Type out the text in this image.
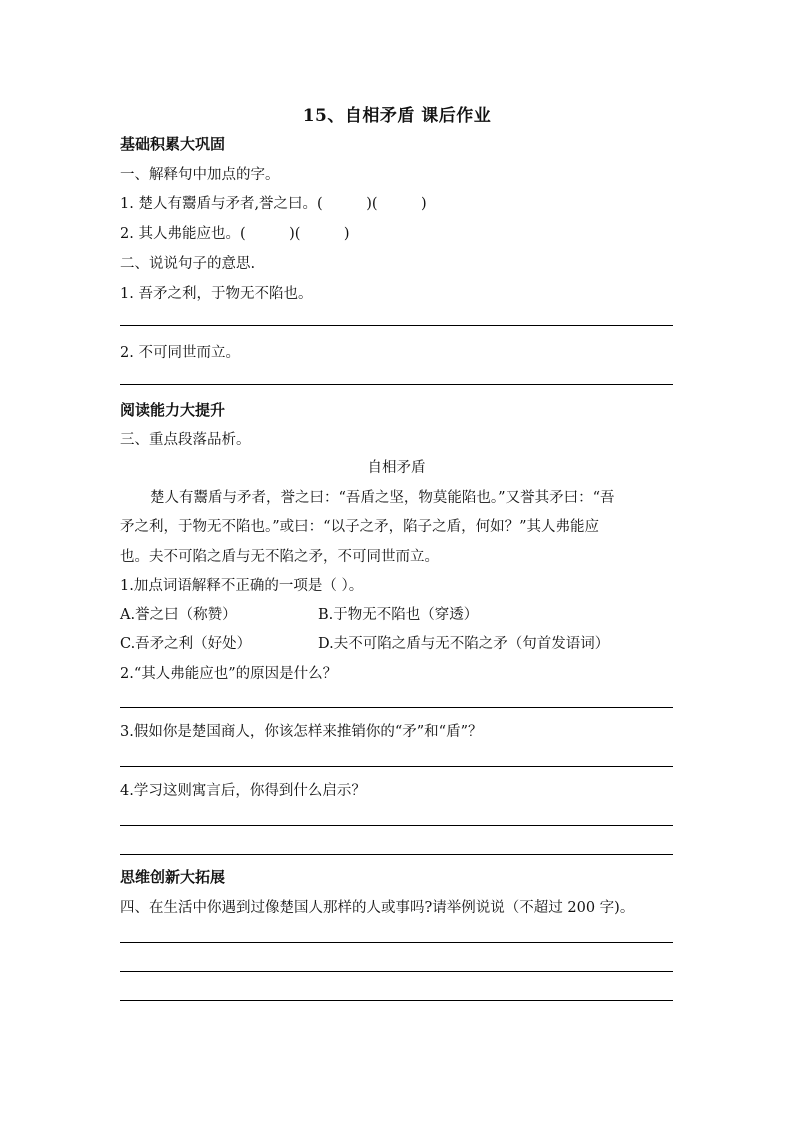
15、自相矛盾 课后作业
基础积累大巩固
一、解释句中加点的字。
1. 楚人有鬻盾与矛者,誉之曰。(　　　)(　　　)
2. 其人弗能应也。(　　　)(　　　)
二、说说句子的意思.
1. 吾矛之利，于物无不陷也。
2. 不可同世而立。
阅读能力大提升
三、重点段落品析。
自相矛盾
楚人有鬻盾与矛者，誉之曰：“吾盾之坚，物莫能陷也。”又誉其矛曰：“吾
矛之利，于物无不陷也。”或曰：“以子之矛，陷子之盾，何如？”其人弗能应
也。夫不可陷之盾与无不陷之矛，不可同世而立。
1.加点词语解释不正确的一项是（ ）。
A.誉之曰（称赞）	B.于物无不陷也（穿透）
C.吾矛之利（好处）	D.夫不可陷之盾与无不陷之矛（句首发语词）
2.“其人弗能应也”的原因是什么？
3.假如你是楚国商人，你该怎样来推销你的“矛”和“盾”？
4.学习这则寓言后，你得到什么启示？
思维创新大拓展
四、在生活中你遇到过像楚国人那样的人或事吗?请举例说说（不超过 200 字)。
